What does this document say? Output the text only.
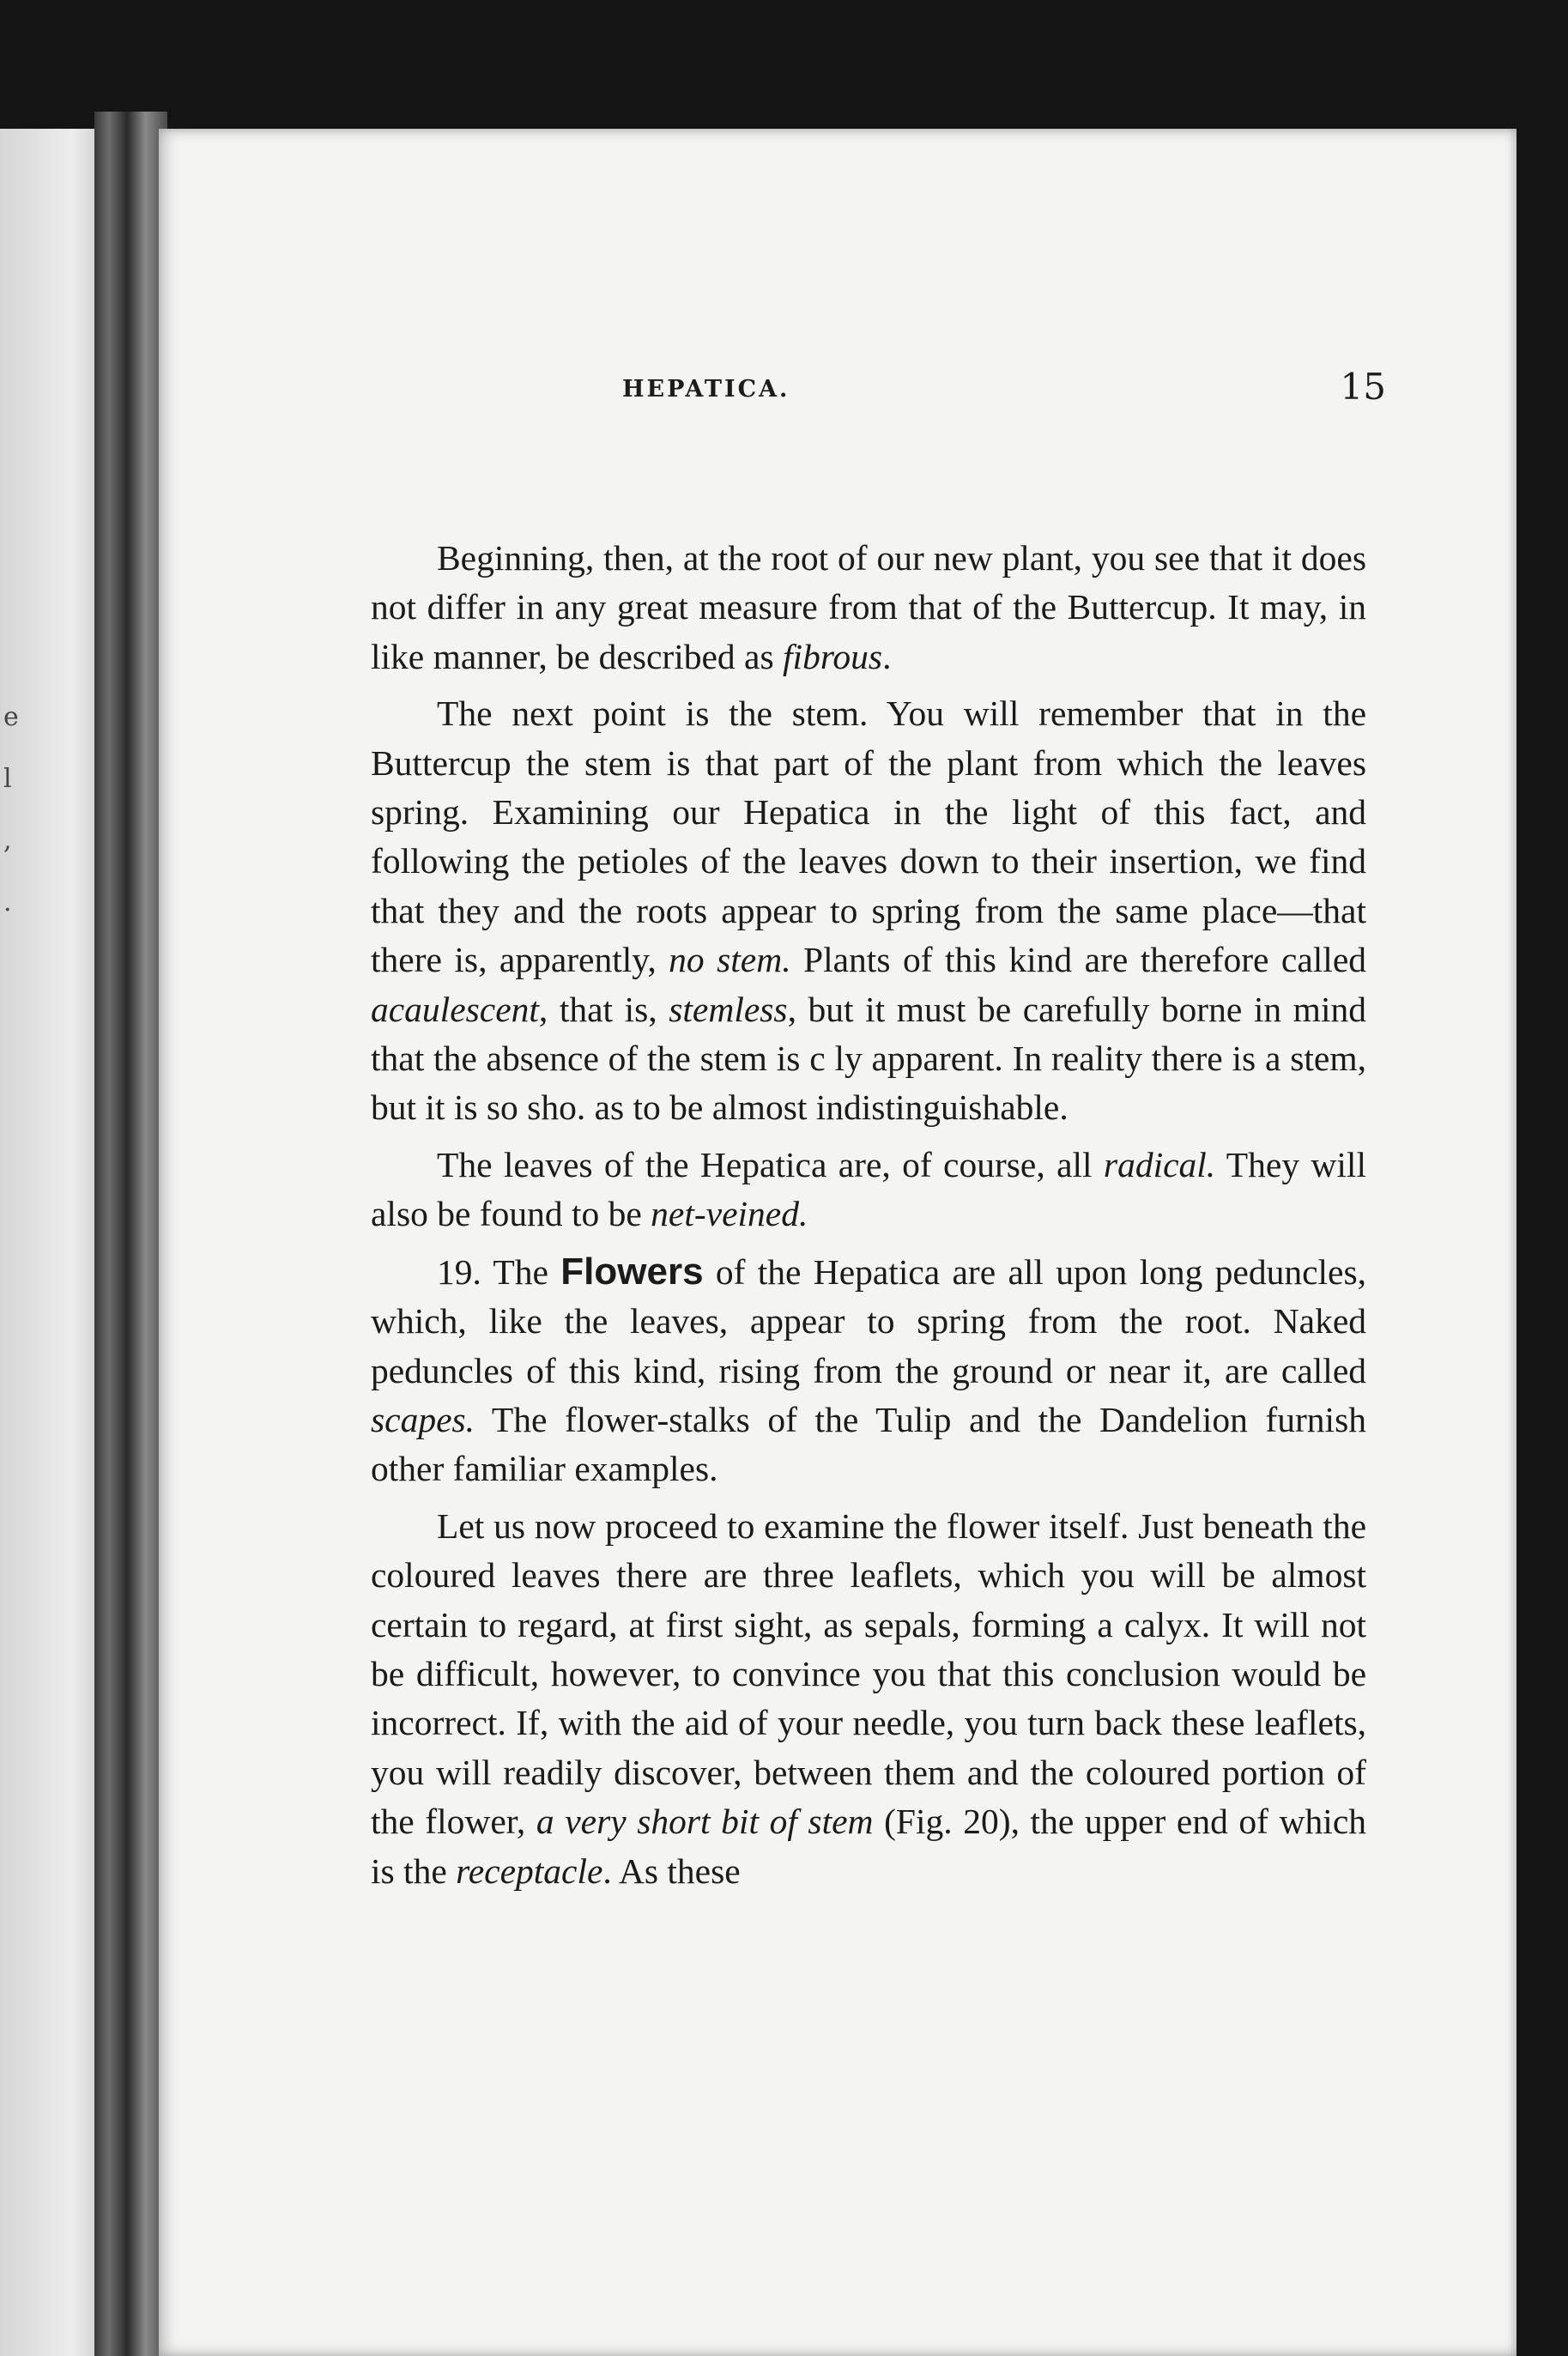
e
l
,
.
HEPATICA.	15

Beginning, then, at the root of our new plant, you see that it does not differ in any great measure from that of the Buttercup. It may, in like manner, be described as fibrous.

The next point is the stem. You will remember that in the Buttercup the stem is that part of the plant from which the leaves spring. Examining our Hepatica in the light of this fact, and following the petioles of the leaves down to their insertion, we find that they and the roots appear to spring from the same place—that there is, apparently, no stem. Plants of this kind are therefore called acaulescent, that is, stemless, but it must be carefully borne in mind that the absence of the stem is c ly apparent. In reality there is a stem, but it is so sho. as to be almost indistinguishable.

The leaves of the Hepatica are, of course, all radical. They will also be found to be net-veined.

19. The Flowers of the Hepatica are all upon long peduncles, which, like the leaves, appear to spring from the root. Naked peduncles of this kind, rising from the ground or near it, are called scapes. The flower-stalks of the Tulip and the Dandelion furnish other familiar examples.

Let us now proceed to examine the flower itself. Just beneath the coloured leaves there are three leaflets, which you will be almost certain to regard, at first sight, as sepals, forming a calyx. It will not be difficult, however, to convince you that this conclusion would be incorrect. If, with the aid of your needle, you turn back these leaflets, you will readily discover, between them and the coloured portion of the flower, a very short bit of stem (Fig. 20), the upper end of which is the receptacle. As these
